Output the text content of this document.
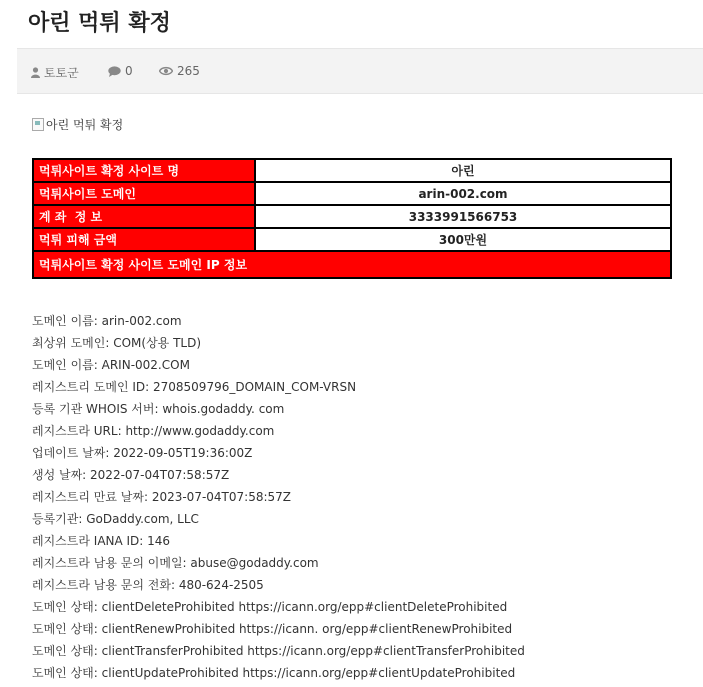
아린 먹튀 확정
토토군	0	265
아린 먹튀 확정
먹튀사이트 확정 사이트 명	아린
먹튀사이트 도메인	arin-002.com
계 좌  정 보	3333991566753
먹튀 피해 금액	300만원
먹튀사이트 확정 사이트 도메인 IP 정보	
도메인 이름: arin-002.com
최상위 도메인: COM(상용 TLD)
도메인 이름: ARIN-002.COM
레지스트리 도메인 ID: 2708509796_DOMAIN_COM-VRSN
등록 기관 WHOIS 서버: whois.godaddy. com
레지스트라 URL: http://www.godaddy.com
업데이트 날짜: 2022-09-05T19:36:00Z
생성 날짜: 2022-07-04T07:58:57Z
레지스트리 만료 날짜: 2023-07-04T07:58:57Z
등록기관: GoDaddy.com, LLC
레지스트라 IANA ID: 146
레지스트라 남용 문의 이메일: abuse@godaddy.com
레지스트라 남용 문의 전화: 480-624-2505
도메인 상태: clientDeleteProhibited https://icann.org/epp#clientDeleteProhibited
도메인 상태: clientRenewProhibited https://icann. org/epp#clientRenewProhibited
도메인 상태: clientTransferProhibited https://icann.org/epp#clientTransferProhibited
도메인 상태: clientUpdateProhibited https://icann.org/epp#clientUpdateProhibited
